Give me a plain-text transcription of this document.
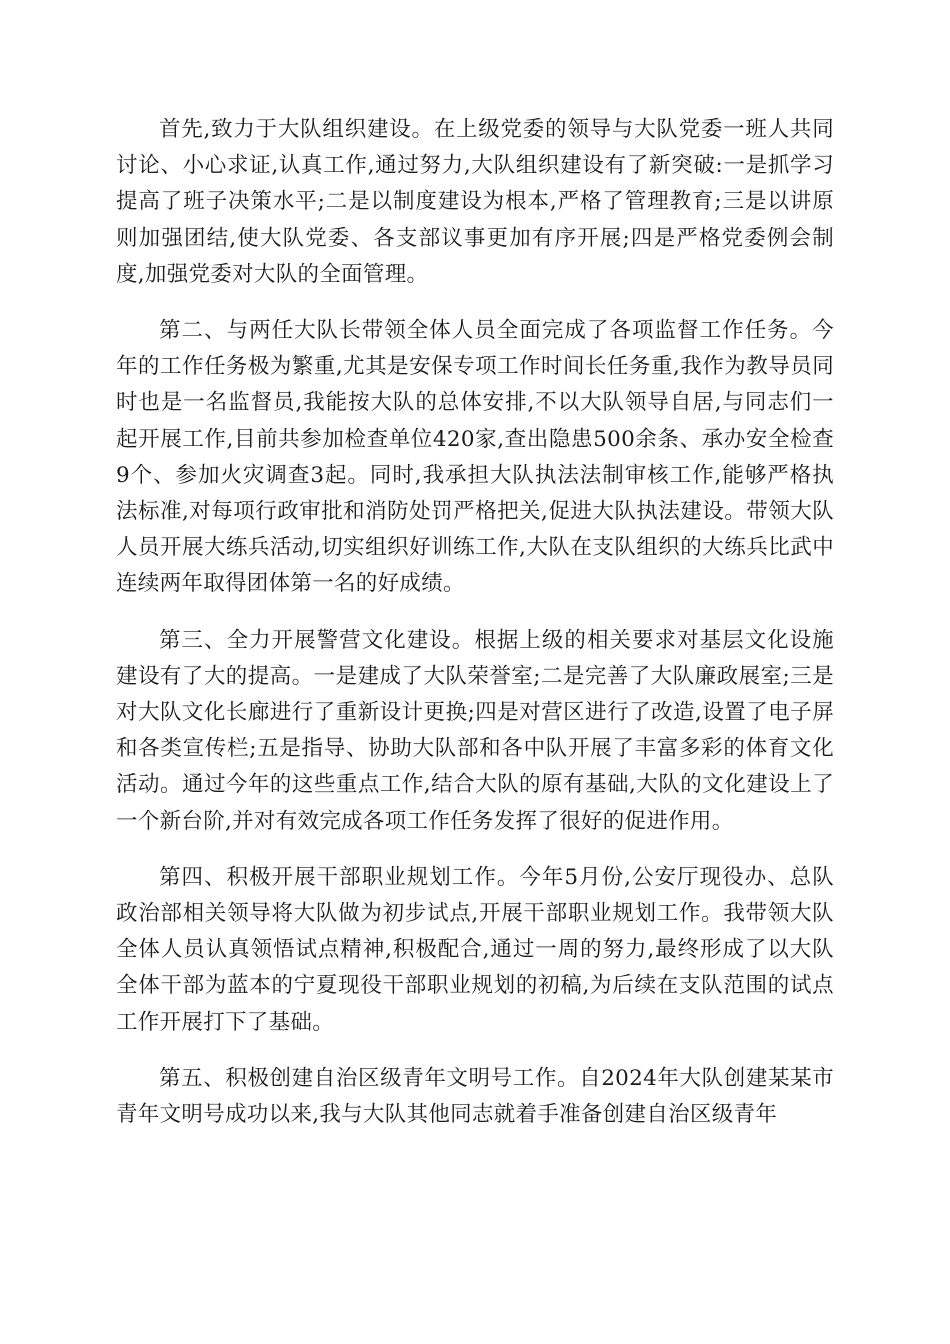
首先,致力于大队组织建设。在上级党委的领导与大队党委一班人共同讨论、小心求证,认真工作,通过努力,大队组织建设有了新突破:一是抓学习提高了班子决策水平;二是以制度建设为根本,严格了管理教育;三是以讲原则加强团结,使大队党委、各支部议事更加有序开展;四是严格党委例会制度,加强党委对大队的全面管理。

第二、与两任大队长带领全体人员全面完成了各项监督工作任务。今年的工作任务极为繁重,尤其是安保专项工作时间长任务重,我作为教导员同时也是一名监督员,我能按大队的总体安排,不以大队领导自居,与同志们一起开展工作,目前共参加检查单位420家,查出隐患500余条、承办安全检查9个、参加火灾调查3起。同时,我承担大队执法法制审核工作,能够严格执法标准,对每项行政审批和消防处罚严格把关,促进大队执法建设。带领大队人员开展大练兵活动,切实组织好训练工作,大队在支队组织的大练兵比武中连续两年取得团体第一名的好成绩。

第三、全力开展警营文化建设。根据上级的相关要求对基层文化设施建设有了大的提高。一是建成了大队荣誉室;二是完善了大队廉政展室;三是对大队文化长廊进行了重新设计更换;四是对营区进行了改造,设置了电子屏和各类宣传栏;五是指导、协助大队部和各中队开展了丰富多彩的体育文化活动。通过今年的这些重点工作,结合大队的原有基础,大队的文化建设上了一个新台阶,并对有效完成各项工作任务发挥了很好的促进作用。

第四、积极开展干部职业规划工作。今年5月份,公安厅现役办、总队政治部相关领导将大队做为初步试点,开展干部职业规划工作。我带领大队全体人员认真领悟试点精神,积极配合,通过一周的努力,最终形成了以大队全体干部为蓝本的宁夏现役干部职业规划的初稿,为后续在支队范围的试点工作开展打下了基础。

第五、积极创建自治区级青年文明号工作。自2024年大队创建某某市青年文明号成功以来,我与大队其他同志就着手准备创建自治区级青年
